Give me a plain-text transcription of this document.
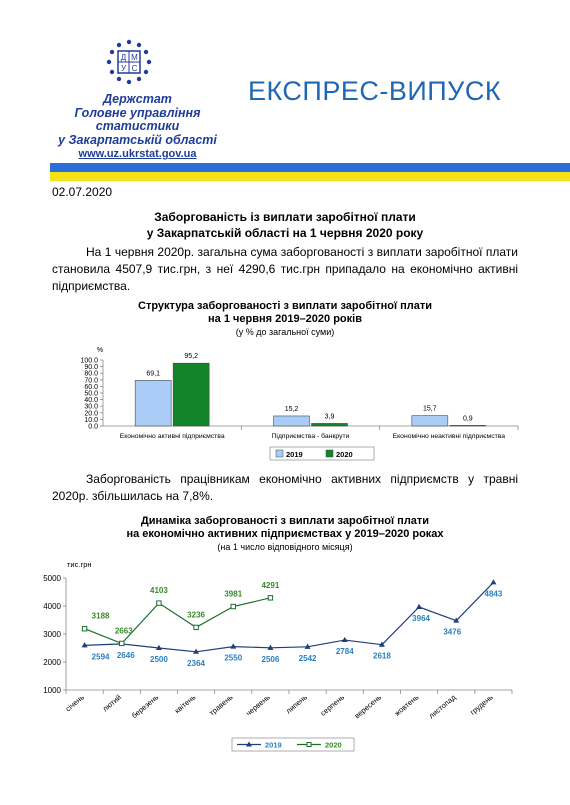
Д
С
М
У
Держстат
Головне управління
статистики
у Закарпатській області
www.uz.ukrstat.gov.ua
ЕКСПРЕС-ВИПУСК
02.07.2020
Заборгованість із виплати заробітної плати
у Закарпатській області на 1 червня 2020 року
На 1 червня 2020р. загальна сума заборгованості з виплати заробітної плати становила 4507,9 тис.грн, з неї 4290,6 тис.грн припадало на економічно активні підприємства.
Структура заборгованості з виплати заробітної плати
на 1 червня 2019–2020 років
(у % до загальної суми)
%
0.0
10.0
20.0
30.0
40.0
50.0
60.0
70.0
80.0
90.0
100.0
Економічно активні підприємства
69,1
95,2
Підприємства - банкрути
15,2
3,9
Економічно неактивні підприємства
15,7
0,9
2019	2020
Заборгованість працівникам економічно активних підприємств у травні 2020р. збільшилась на 7,8%.
Динаміка заборгованості з виплати заробітної плати
на економічно активних підприємствах у 2019–2020 роках
(на 1 число відповідного місяця)
тис.грн
1000
2000
3000
4000
5000
січень лютий березень квітень травень червень липень серпень вересень жовтень листопад грудень
2594 2646 2500 2364
2550 2506 2542
2784
2618
3964
3476
4843
3188
2663
4103
3236
3981
4291
2019	2020
